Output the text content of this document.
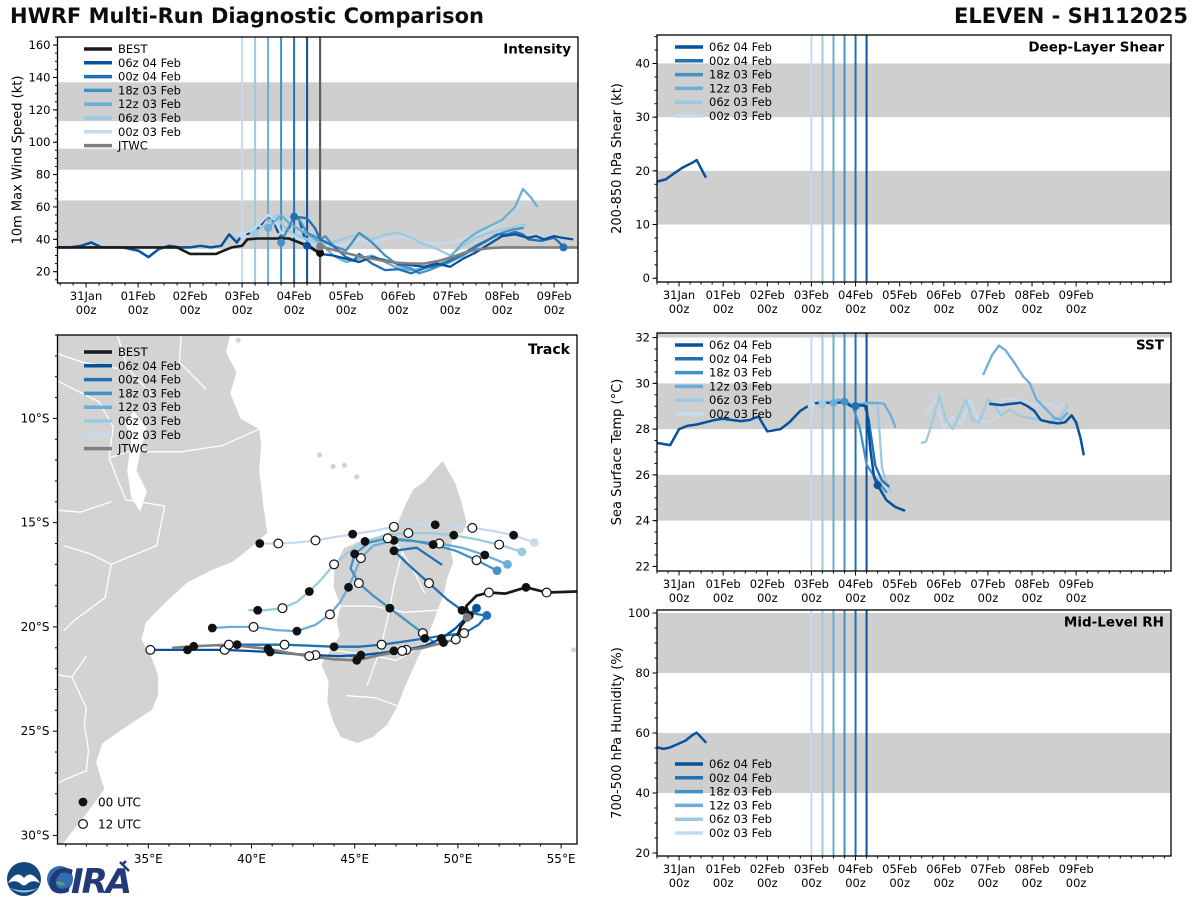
HWRF Multi-Run Diagnostic Comparison	ELEVEN - SH112025
31Jan
00z
01Feb
00z
02Feb
00z
03Feb
00z
04Feb
00z
05Feb
00z
06Feb
00z
07Feb
00z
08Feb
00z
09Feb
00z
20
40
60
80
100
120
140
160
10m Max Wind Speed (kt)
Intensity
BEST
06z 04 Feb
00z 04 Feb
18z 03 Feb
12z 03 Feb
06z 03 Feb
00z 03 Feb
JTWC
31Jan
00z
01Feb
00z
02Feb
00z
03Feb
00z
04Feb
00z
05Feb
00z
06Feb
00z
07Feb
00z
08Feb
00z
09Feb
00z
0
10
20
30
40
200-850 hPa Shear (kt)
Deep-Layer Shear
06z 04 Feb
00z 04 Feb
18z 03 Feb
12z 03 Feb
06z 03 Feb
00z 03 Feb
31Jan
00z
01Feb
00z
02Feb
00z
03Feb
00z
04Feb
00z
05Feb
00z
06Feb
00z
07Feb
00z
08Feb
00z
09Feb
00z
22
24
26
28
30
32
Sea Surface Temp (°C)
SST
06z 04 Feb
00z 04 Feb
18z 03 Feb
12z 03 Feb
06z 03 Feb
00z 03 Feb
31Jan
00z
01Feb
00z
02Feb
00z
03Feb
00z
04Feb
00z
05Feb
00z
06Feb
00z
07Feb
00z
08Feb
00z
09Feb
00z
20
40
60
80
100
700-500 hPa Humidity (%)
Mid-Level RH
06z 04 Feb
00z 04 Feb
18z 03 Feb
12z 03 Feb
06z 03 Feb
00z 03 Feb
35°E	40°E	45°E	50°E	55°E
10°S
15°S
20°S
25°S
30°S
Track
BEST
06z 04 Feb
00z 04 Feb
18z 03 Feb
12z 03 Feb
06z 03 Feb
00z 03 Feb
JTWC
00 UTC
12 UTC
CIRA
